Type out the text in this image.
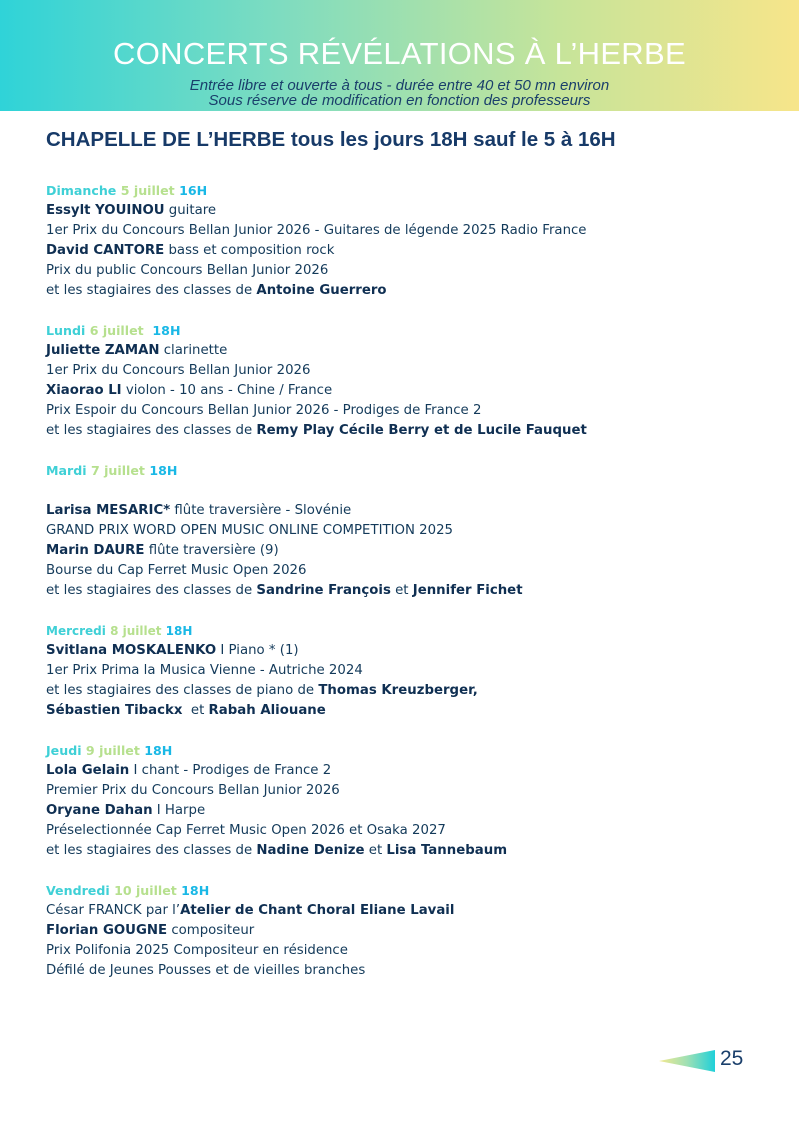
CONCERTS RÉVÉLATIONS À L’HERBE
Entrée libre et ouverte à tous - durée entre 40 et 50 mn environ
Sous réserve de modification en fonction des professeurs
CHAPELLE DE L’HERBE tous les jours 18H sauf le 5 à 16H
Dimanche 5 juillet 16H
Essylt YOUINOU guitare
1er Prix du Concours Bellan Junior 2026 - Guitares de légende 2025 Radio France
David CANTORE bass et composition rock
Prix du public Concours Bellan Junior 2026
et les stagiaires des classes de Antoine Guerrero
Lundi 6 juillet 18H
Juliette ZAMAN clarinette
1er Prix du Concours Bellan Junior 2026
Xiaorao LI violon - 10 ans - Chine / France
Prix Espoir du Concours Bellan Junior 2026 - Prodiges de France 2
et les stagiaires des classes de Remy Play Cécile Berry et de Lucile Fauquet
Mardi 7 juillet 18H
Larisa MESARIC* flûte traversière - Slovénie
GRAND PRIX WORD OPEN MUSIC ONLINE COMPETITION 2025
Marin DAURE flûte traversière (9)
Bourse du Cap Ferret Music Open 2026
et les stagiaires des classes de Sandrine François et Jennifer Fichet
Mercredi 8 juillet 18H
Svitlana MOSKALENKO I Piano * (1)
1er Prix Prima la Musica Vienne - Autriche 2024
et les stagiaires des classes de piano de Thomas Kreuzberger,
Sébastien Tibackx  et Rabah Aliouane
Jeudi 9 juillet 18H
Lola Gelain I chant - Prodiges de France 2
Premier Prix du Concours Bellan Junior 2026
Oryane Dahan I Harpe
Préselectionnée Cap Ferret Music Open 2026 et Osaka 2027
et les stagiaires des classes de Nadine Denize et Lisa Tannebaum
Vendredi 10 juillet 18H
César FRANCK par l’Atelier de Chant Choral Eliane Lavail
Florian GOUGNE compositeur
Prix Polifonia 2025 Compositeur en résidence
Défilé de Jeunes Pousses et de vieilles branches
25
